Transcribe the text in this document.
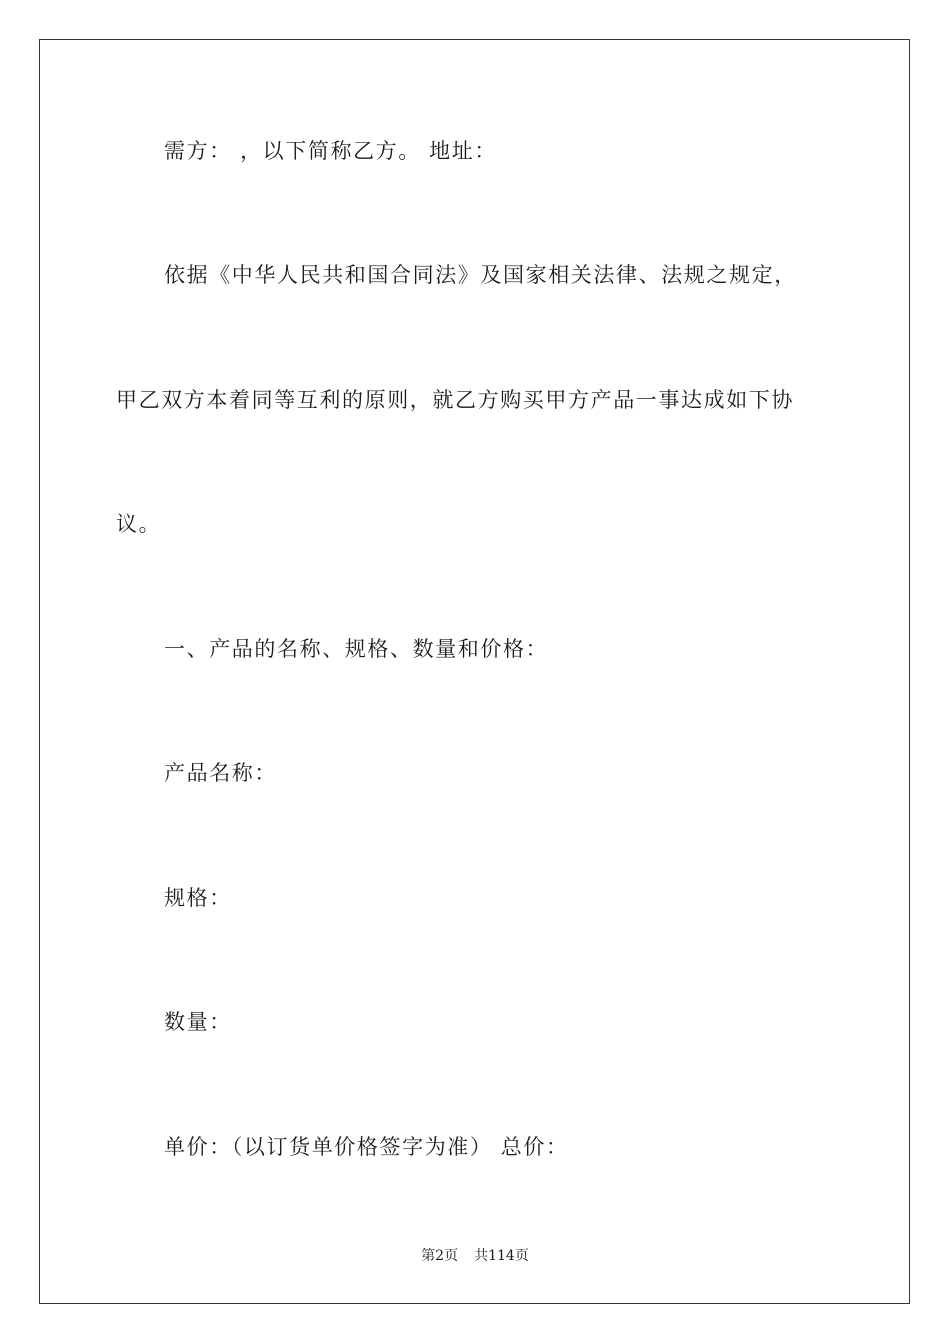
需方： ，以下简称乙方。 地址：
依据《中华人民共和国合同法》及国家相关法律、法规之规定，
甲乙双方本着同等互利的原则，就乙方购买甲方产品一事达成如下协
议。
一、产品的名称、规格、数量和价格：
产品名称：
规格：
数量：
单价：（以订货单价格签字为准） 总价：
第2页 共114页
